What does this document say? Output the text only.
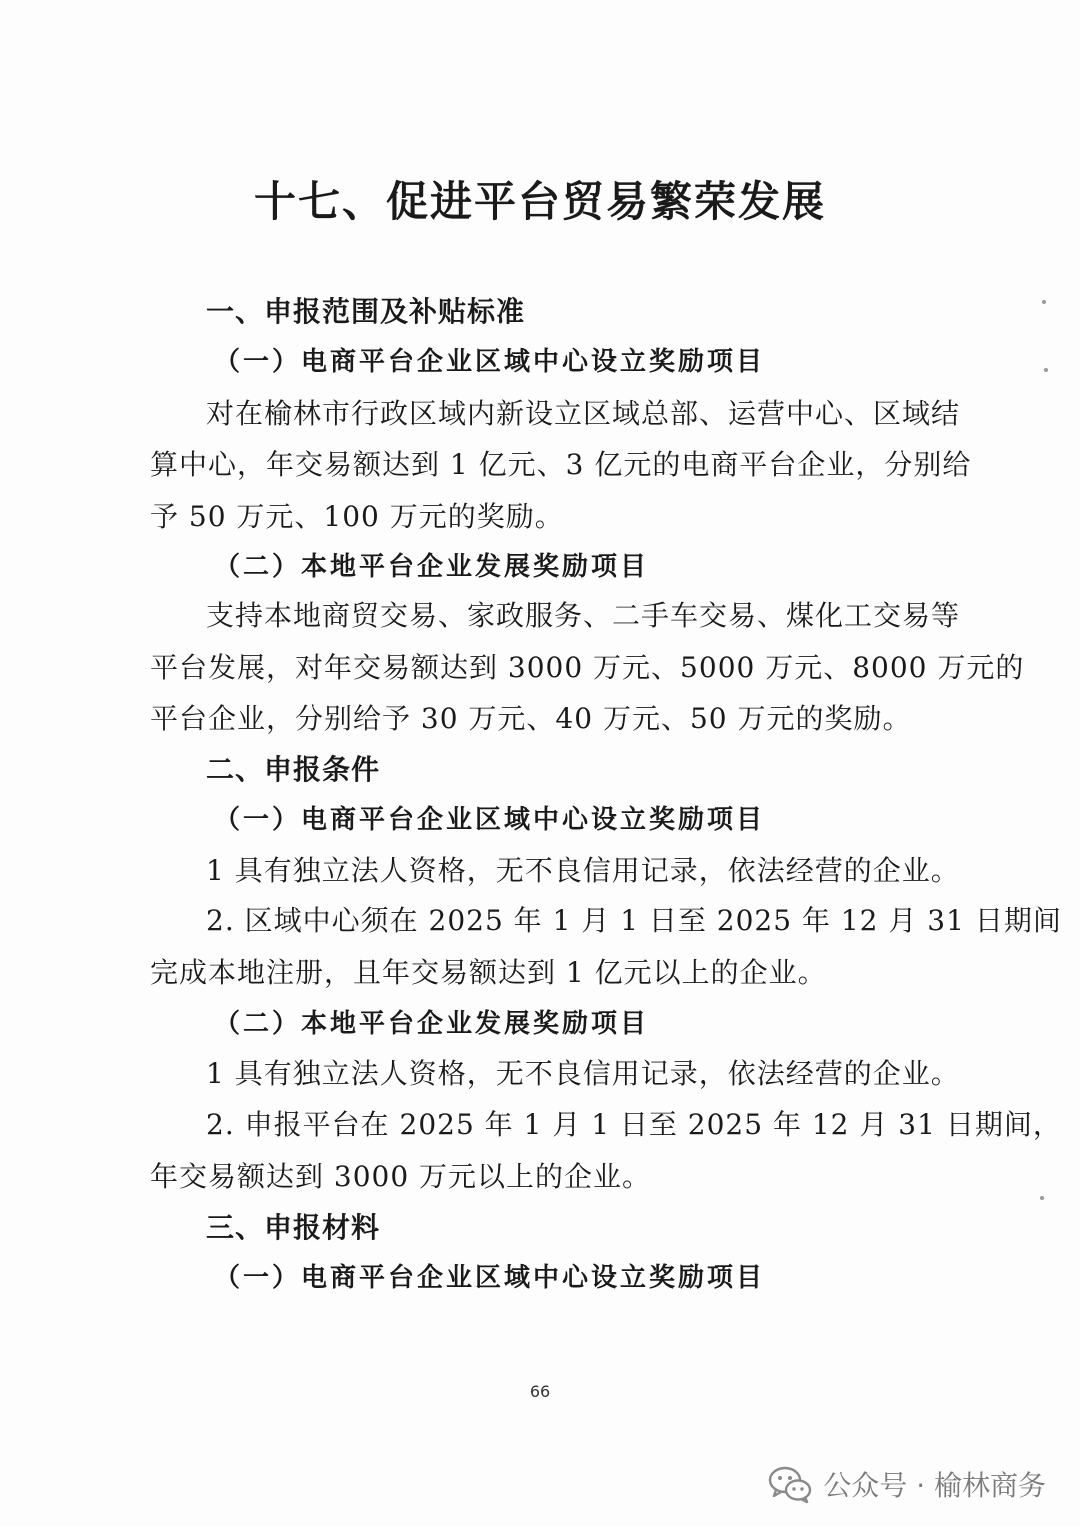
十七、促进平台贸易繁荣发展
一、申报范围及补贴标准
（一）电商平台企业区域中心设立奖励项目
对在榆林市行政区域内新设立区域总部、运营中心、区域结
算中心，年交易额达到 1 亿元、3 亿元的电商平台企业，分别给
予 50 万元、100 万元的奖励。
（二）本地平台企业发展奖励项目
支持本地商贸交易、家政服务、二手车交易、煤化工交易等
平台发展，对年交易额达到 3000 万元、5000 万元、8000 万元的
平台企业，分别给予 30 万元、40 万元、50 万元的奖励。
二、申报条件
（一）电商平台企业区域中心设立奖励项目
1 具有独立法人资格，无不良信用记录，依法经营的企业。
2. 区域中心须在 2025 年 1 月 1 日至 2025 年 12 月 31 日期间
完成本地注册，且年交易额达到 1 亿元以上的企业。
（二）本地平台企业发展奖励项目
1 具有独立法人资格，无不良信用记录，依法经营的企业。
2. 申报平台在 2025 年 1 月 1 日至 2025 年 12 月 31 日期间，
年交易额达到 3000 万元以上的企业。
三、申报材料
（一）电商平台企业区域中心设立奖励项目
66
公众号 · 榆林商务
